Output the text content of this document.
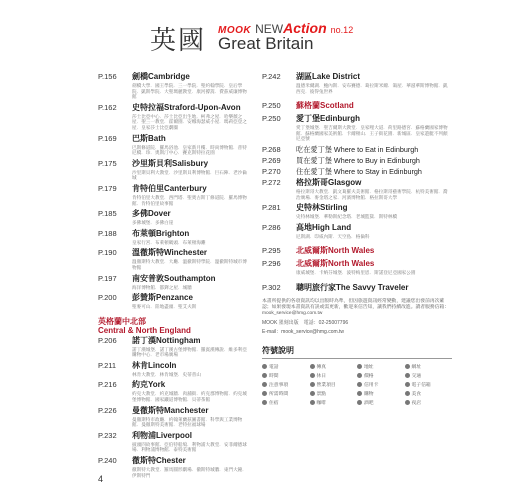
英國 MOOK NEWAction no.12
Great Britain
P.156 劍橋Cambridge
劍橋大學．國王學院．三一學院．聖約翰學院．皇后學院．凱斯學院．大聖瑪麗教堂．康河撐篙．費茲威廉博物館
P.162 史特拉福Straford-Upon-Avon
莎士比亞中心．莎士比亞出生地．柯弗之屋．哈樂薇之屋．聖三一教堂．霍爾園．安娜海瑟威小屋．瑪莉亞登之屋．皇家莎士比亞劇團
P.169 巴斯Bath
巴斯修道院．羅馬浴池．皇家新月樓．時尚博物館．普特尼橋．珍．奧斯汀中心．賽克斯特拉花園
P.175 沙里斯貝利Salisbury
沙里斯貝利大教堂．沙里斯貝利博物館．巨石陣．老沙倫城
P.179 肯特伯里Canterbury
肯特伯里大教堂．西門塔．聖奧古斯丁修道院．羅馬博物館．肯特伯里故事館
P.185 多佛Dover
多佛城堡．多佛白崖
P.188 布萊頓Brighton
皇家行宮．布萊頓碼頭．布萊頓海灘
P.190 溫徹斯特Winchester
溫徹斯特大教堂．大廳．溫徹斯特學院．溫徹斯特城市博物館
P.197 南安普敦Southampton
海洋博物館．都鐸之屋．城牆
P.200 彭贊斯Penzance
聖麥可山．陸地盡頭．聖艾夫斯
英格蘭中北部
Central & North England
P.206 諾丁漢Nottingham
諾丁漢城堡．諾丁漢古堡博物館．羅賓漢傳說．維多利亞購物中心．老市場廣場
P.211 林肯Lincoln
林肯大教堂．林肯城堡．史蒂普山
P.216 約克York
約克大教堂．約克城牆．肉舖街．約克郡博物館．約克城堡博物館．國家鐵道博物館．貝蒂茶館
P.226 曼徹斯特Manchester
曼徹斯特市政廳．約翰萊蘭茲圖書館．科學與工業博物館．曼徹斯特美術館．老特拉福球場
P.232 利物浦Liverpool
披頭四故事館．亞伯特船塢．利物浦大教堂．安菲爾德球場．利物浦博物館．泰特美術館
P.240 徹斯特Chester
徹斯特大教堂．羅馬圓形劇場．徹斯特城牆．東門大鐘．伊斯特門
P.242 湖區Lake District
溫德米爾湖．鮑內斯．安布賽德．葛拉斯米爾．鴿屋．華滋華斯博物館．凱西克．彼得兔世界
P.250 蘇格蘭Scotland
P.250 愛丁堡Edinburgh
愛丁堡城堡．聖吉爾斯大教堂．皇家哩大道．荷里路德宮．蘇格蘭國家博物館．蘇格蘭國家美術館．卡爾頓山．王子街花園．新城區．皇家遊艇不列顛尼亞號
P.268 吃在愛丁堡 Where to Eat in Edinburgh
P.269 買在愛丁堡 Where to Buy in Edinburgh
P.270 住在愛丁堡 Where to Stay in Edinburgh
P.272 格拉斯哥Glasgow
格拉斯哥大教堂．凱文葛羅夫美術館．格拉斯哥藝術學院．杭特美術館．喬治廣場．麥金塔之家．河濱博物館．格拉斯哥大學
P.281 史特林Stirling
史特林城堡．華勒斯紀念塔．老城監獄．斯特林橋
P.286 高地High Land
尼斯湖．印威內斯．天空島．格倫科
P.295 北威爾斯North Wales
P.296 北威爾斯North Wales
康威城堡．卡納芬城堡．波特梅里恩．斯諾登尼亞國家公園
P.302 聰明旅行家The Savvy Traveler
本書所提供的各項資訊均以出版時為準，但因旅遊資訊經常變動，建議您出發前再次確認；如果發現本書資訊有誤或需更新，歡迎來信告知，讓我們持續改進。讀者服務信箱：mook_service@hmg.com.tw
MOOK 墨刻出版　電話：02-25007796
E-mail：mook_service@hmg.com.tw
符號說明
電話	傳真	地址	網址
時間	休日	價格	交通
注意事項	營業項目	信用卡	電子信箱
所需時間	景點	購物	美食
住宿	咖啡	酒吧	夜店
4
